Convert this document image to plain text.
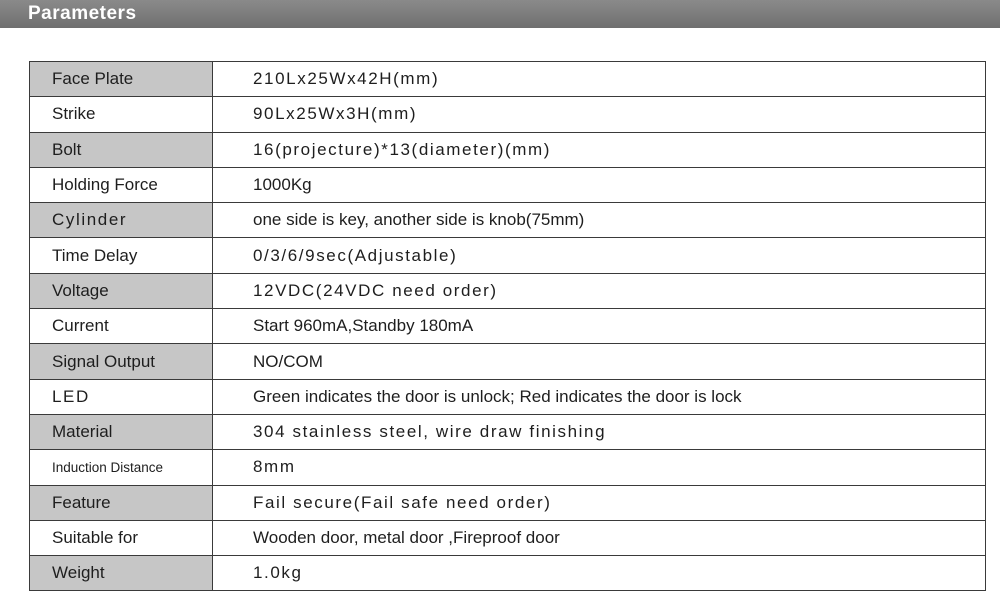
Parameters
Face Plate	210Lx25Wx42H(mm)
Strike	90Lx25Wx3H(mm)
Bolt	16(projecture)*13(diameter)(mm)
Holding Force	1000Kg
Cylinder	one side is key, another side is knob(75mm)
Time Delay	0/3/6/9sec(Adjustable)
Voltage	12VDC(24VDC need order)
Current	Start 960mA,Standby 180mA
Signal Output	NO/COM
LED	Green indicates the door is unlock; Red indicates the door is lock
Material	304 stainless steel, wire draw finishing
Induction Distance	8mm
Feature	Fail secure(Fail safe need order)
Suitable for	Wooden door, metal door ,Fireproof door
Weight	1.0kg
